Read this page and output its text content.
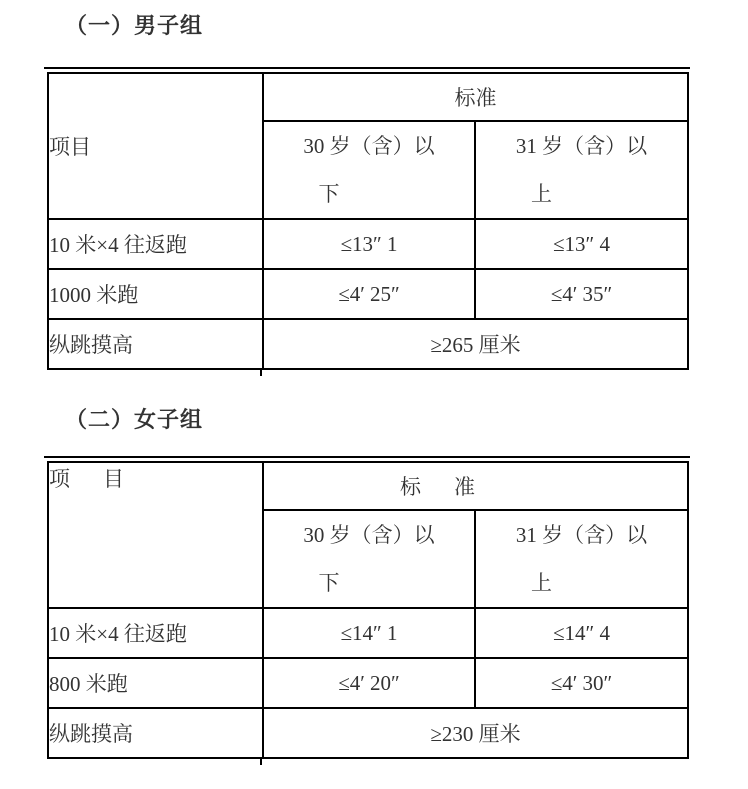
（一）男子组
项目	标准	

30 岁（含）以
下

31 岁（含）以
上

10 米×4 往返跑	≤13″ 1	≤13″ 4
1000 米跑	≤4′ 25″	≤4′ 35″
纵跳摸高	≥265 厘米	
（二）女子组
项　目	标　准	

30 岁（含）以
下

31 岁（含）以
上

10 米×4 往返跑	≤14″ 1	≤14″ 4
800 米跑	≤4′ 20″	≤4′ 30″
纵跳摸高	≥230 厘米	
